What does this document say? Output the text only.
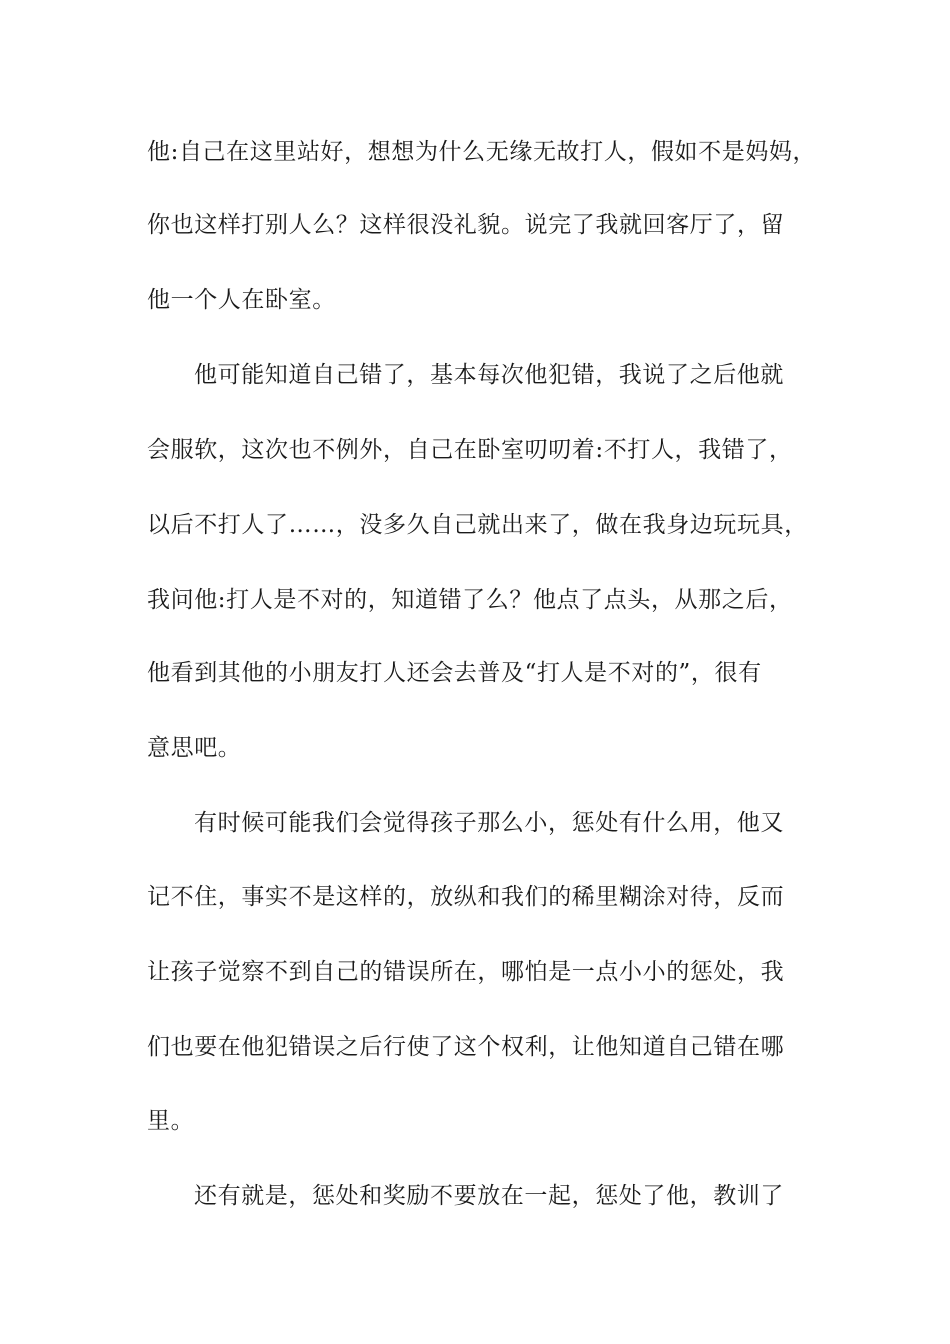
他:自己在这里站好，想想为什么无缘无故打人，假如不是妈妈，
你也这样打别人么？这样很没礼貌。说完了我就回客厅了，留
他一个人在卧室。
他可能知道自己错了，基本每次他犯错，我说了之后他就
会服软，这次也不例外，自己在卧室叨叨着:不打人，我错了，
以后不打人了……，没多久自己就出来了，做在我身边玩玩具，
我问他:打人是不对的，知道错了么？他点了点头，从那之后，
他看到其他的小朋友打人还会去普及“打人是不对的”，很有
意思吧。
有时候可能我们会觉得孩子那么小，惩处有什么用，他又
记不住，事实不是这样的，放纵和我们的稀里糊涂对待，反而
让孩子觉察不到自己的错误所在，哪怕是一点小小的惩处，我
们也要在他犯错误之后行使了这个权利，让他知道自己错在哪
里。
还有就是，惩处和奖励不要放在一起，惩处了他，教训了
